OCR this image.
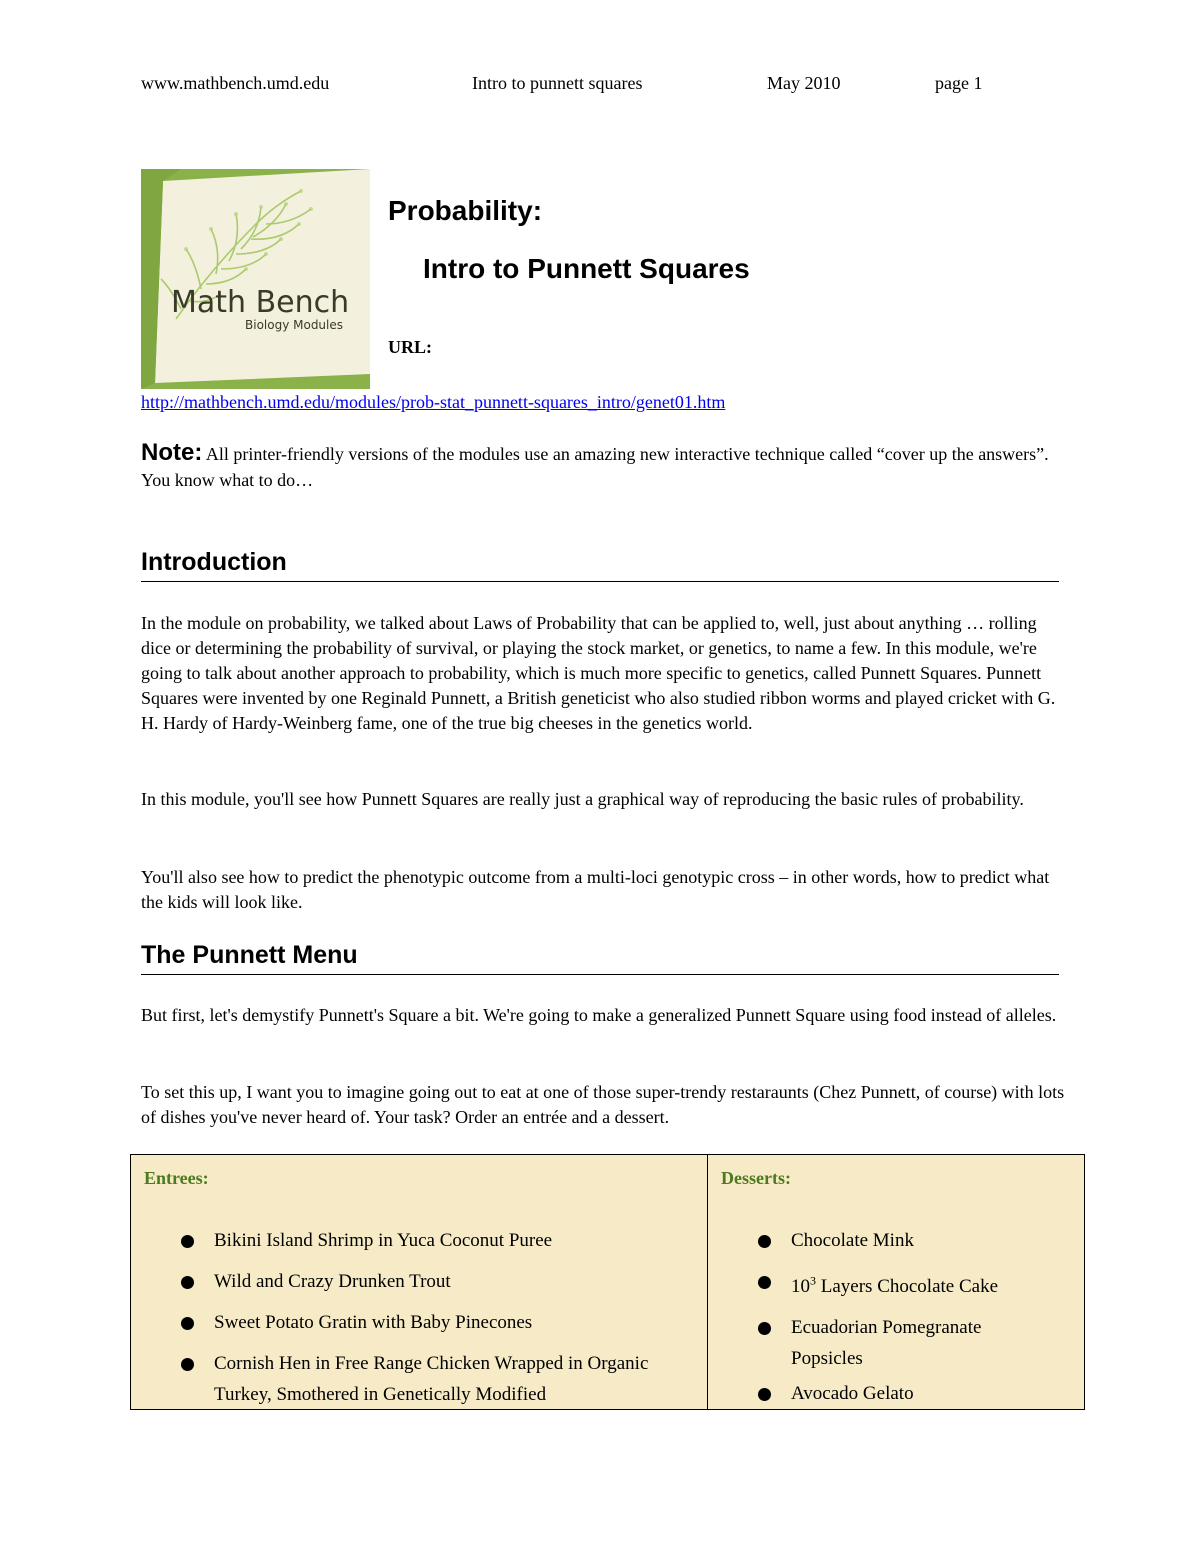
www.mathbench.umd.edu	Intro to punnett squares	May 2010	page 1
Math Bench
Biology Modules
Probability:
Intro to Punnett Squares
URL:
http://mathbench.umd.edu/modules/prob-stat_punnett-squares_intro/genet01.htm
Note: All printer-friendly versions of the modules use an amazing new interactive technique called “cover up the answers”. You know what to do…
Introduction

In the module on probability, we talked about Laws of Probability that can be applied to, well, just about anything … rolling dice or determining the probability of survival, or playing the stock market, or genetics, to name a few. In this module, we're going to talk about another approach to probability, which is much more specific to genetics, called Punnett Squares. Punnett Squares were invented by one Reginald Punnett, a British geneticist who also studied ribbon worms and played cricket with G. H. Hardy of Hardy-Weinberg fame, one of the true big cheeses in the genetics world.

In this module, you'll see how Punnett Squares are really just a graphical way of reproducing the basic rules of probability.

You'll also see how to predict the phenotypic outcome from a multi-loci genotypic cross – in other words, how to predict what the kids will look like.

The Punnett Menu

But first, let's demystify Punnett's Square a bit. We're going to make a generalized Punnett Square using food instead of alleles.

To set this up, I want you to imagine going out to eat at one of those super-trendy restaraunts (Chez Punnett, of course) with lots of dishes you've never heard of. Your task? Order an entrée and a dessert.

Entrees:
Bikini Island Shrimp in Yuca Coconut Puree
Wild and Crazy Drunken Trout
Sweet Potato Gratin with Baby Pinecones
Cornish Hen in Free Range Chicken Wrapped in Organic Turkey, Smothered in Genetically Modified
Desserts:
Chocolate Mink
$10^3$ Layers Chocolate Cake
Ecuadorian Pomegranate Popsicles
Avocado Gelato
